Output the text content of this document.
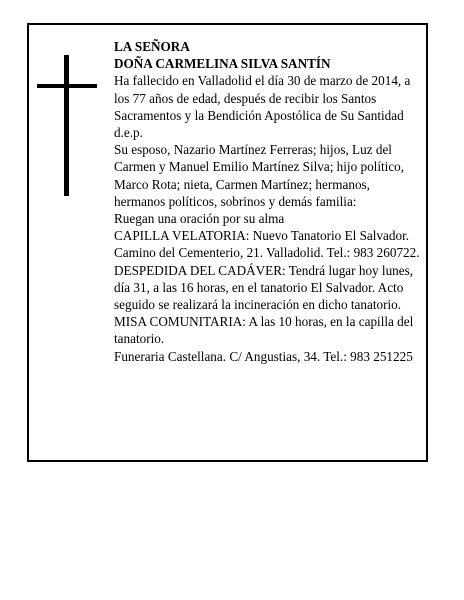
LA SEÑORA

DOÑA CARMELINA SILVA SANTÍN

Ha fallecido en Valladolid el día 30 de marzo de 2014, a los 77 años de edad, después de recibir los Santos Sacramentos y la Bendición Apostólica de Su Santidad d.e.p.

Su esposo, Nazario Martínez Ferreras; hijos, Luz del Carmen y Manuel Emilio Martínez Silva; hijo político, Marco Rota; nieta, Carmen Martínez; hermanos, hermanos políticos, sobrinos y demás familia:

Ruegan una oración por su alma

CAPILLA VELATORIA: Nuevo Tanatorio El Salvador. Camino del Cementerio, 21. Valladolid. Tel.: 983 260722.

DESPEDIDA DEL CADÁVER: Tendrá lugar hoy lunes, día 31, a las 16 horas, en el tanatorio El Salvador. Acto seguido se realizará la incineración en dicho tanatorio.

MISA COMUNITARIA: A las 10 horas, en la capilla del tanatorio.

Funeraria Castellana. C/ Angustias, 34. Tel.: 983 251225
